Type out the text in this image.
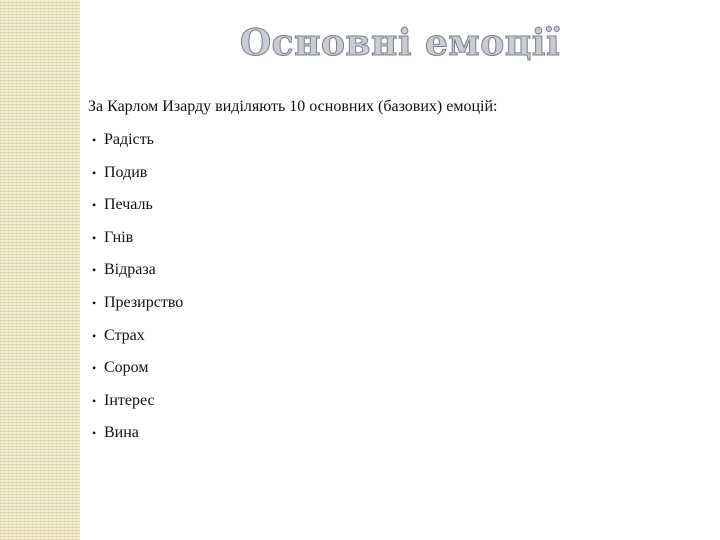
Основні емоції

За Карлом Изарду виділяють 10 основних (базових) емоцій:

• Радість
• Подив
• Печаль
• Гнів
• Відраза
• Презирство
• Страх
• Сором
• Інтерес
• Вина
